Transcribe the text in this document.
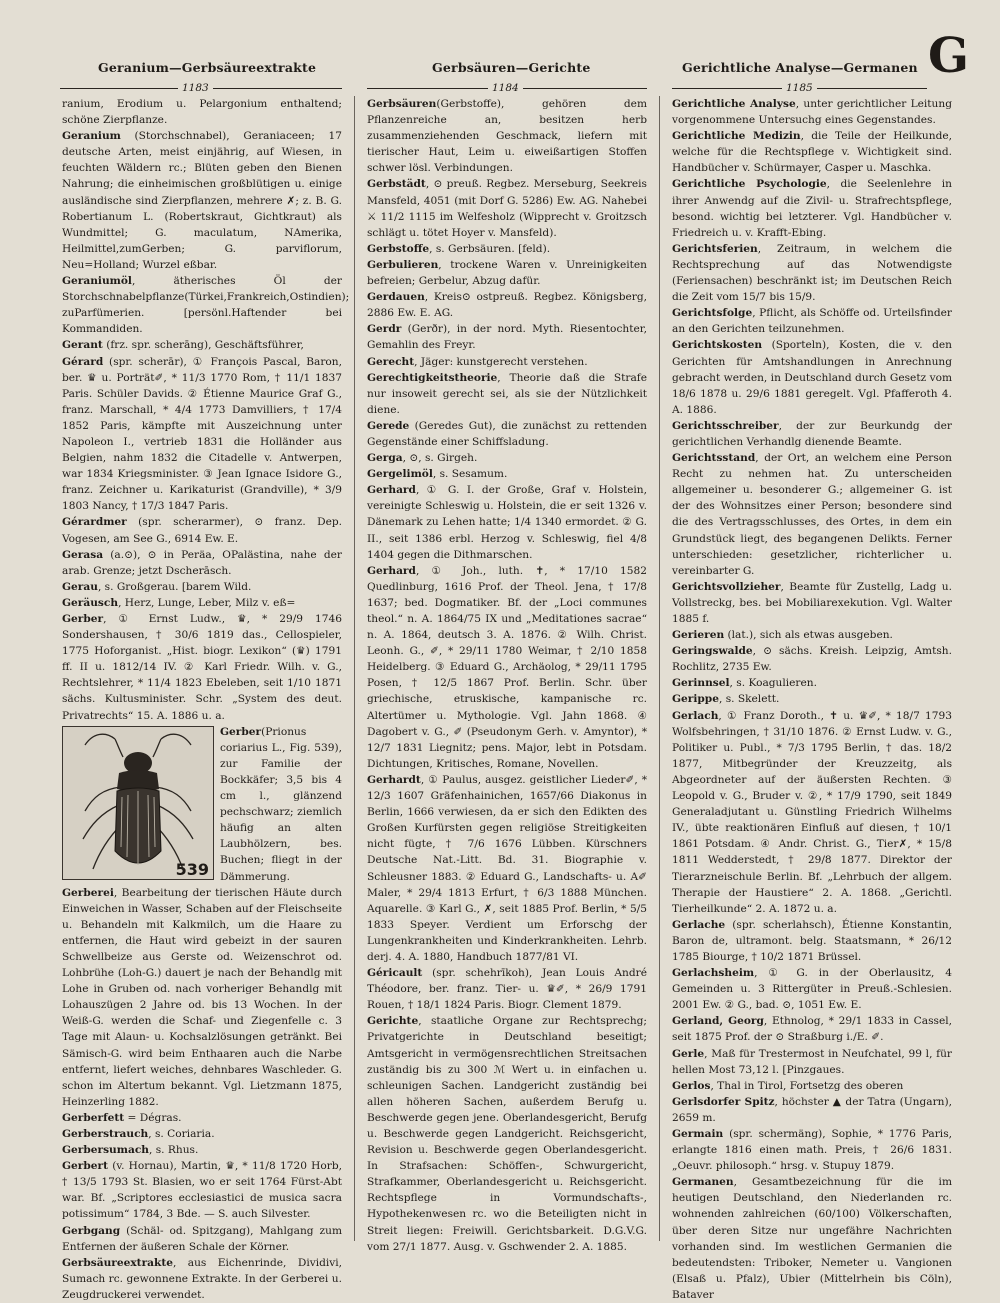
Geranium—Gerbsäureextrakte	Gerbsäuren—Gerichte	Gerichtliche Analyse—Germanen G
1183	1184	1185

ranium, Erodium u. Pelargonium enthaltend; schöne Zierpflanze.

Geranium (Storchschnabel), Geraniaceen; 17 deutsche Arten, meist einjährig, auf Wiesen, in feuchten Wäldern rc.; Blüten geben den Bienen Nahrung; die einheimischen großblütigen u. einige ausländische sind Zierpflanzen, mehrere ✗; z. B. G. Robertianum L. (Robertskraut, Gichtkraut) als Wundmittel; G. maculatum, NAmerika, Heilmittel,zumGerben; G. parviflorum, Neu=Holland; Wurzel eßbar.

Geraniumöl, ätherisches Öl der Storchschnabelpflanze(Türkei,Frankreich,Ostindien); zuParfümerien. [persönl.Haftender bei Kommandiden.

Gerant (frz. spr. scherāng), Geschäftsführer,

Gérard (spr. scherār), ① François Pascal, Baron, ber. ♛ u. Porträt✐, * 11/3 1770 Rom, † 11/1 1837 Paris. Schüler Davids. ② Étienne Maurice Graf G., franz. Marschall, * 4/4 1773 Damvilliers, † 17/4 1852 Paris, kämpfte mit Auszeichnung unter Napoleon I., vertrieb 1831 die Holländer aus Belgien, nahm 1832 die Citadelle v. Antwerpen, war 1834 Kriegsminister. ③ Jean Ignace Isidore G., franz. Zeichner u. Karikaturist (Grandville), * 3/9 1803 Nancy, † 17/3 1847 Paris.

Gérardmer (spr. scherarmer), ⊙ franz. Dep. Vogesen, am See G., 6914 Ew. E.

Gerasa (a.⊙), ⊙ in Peräa, OPalästina, nahe der arab. Grenze; jetzt Dscherāsch.

Gerau, s. Großgerau. [barem Wild.

Geräusch, Herz, Lunge, Leber, Milz v. eß=

Gerber, ① Ernst Ludw., ♛, * 29/9 1746 Sondershausen, † 30/6 1819 das., Cellospieler, 1775 Hoforganist. „Hist. biogr. Lexikon“ (♛) 1791 ff. II u. 1812/14 IV. ② Karl Friedr. Wilh. v. G., Rechtslehrer, * 11/4 1823 Ebeleben, seit 1/10 1871 sächs. Kultusminister. Schr. „System des deut. Privatrechts“ 15. A. 1886 u. a.

539
Gerber(Prionus coriarius L., Fig. 539), zur Familie der Bockkäfer; 3,5 bis 4 cm l., glänzend pechschwarz; ziemlich häufig an alten Laubhölzern, bes. Buchen; fliegt in der Dämmerung.

Gerberei, Bearbeitung der tierischen Häute durch Einweichen in Wasser, Schaben auf der Fleischseite u. Behandeln mit Kalkmilch, um die Haare zu entfernen, die Haut wird gebeizt in der sauren Schwellbeize aus Gerste od. Weizenschrot od. Lohbrühe (Loh-G.) dauert je nach der Behandlg mit Lohe in Gruben od. nach vorheriger Behandlg mit Lohauszügen 2 Jahre od. bis 13 Wochen. In der Weiß-G. werden die Schaf- und Ziegenfelle c. 3 Tage mit Alaun- u. Kochsalzlösungen getränkt. Bei Sämisch-G. wird beim Enthaaren auch die Narbe entfernt, liefert weiches, dehnbares Waschleder. G. schon im Altertum bekannt. Vgl. Lietzmann 1875, Heinzerling 1882.

Gerberfett = Dégras.

Gerberstrauch, s. Coriaria.

Gerbersumach, s. Rhus.

Gerbert (v. Hornau), Martin, ♛, * 11/8 1720 Horb, † 13/5 1793 St. Blasien, wo er seit 1764 Fürst-Abt war. Bf. „Scriptores ecclesiastici de musica sacra potissimum“ 1784, 3 Bde. — S. auch Silvester.

Gerbgang (Schäl- od. Spitzgang), Mahlgang zum Entfernen der äußeren Schale der Körner.

Gerbsäureextrakte, aus Eichenrinde, Dividivi, Sumach rc. gewonnene Extrakte. In der Gerberei u. Zeugdruckerei verwendet.

Gerbsäuren(Gerbstoffe), gehören dem Pflanzenreiche an, besitzen herb zusammenziehenden Geschmack, liefern mit tierischer Haut, Leim u. eiweißartigen Stoffen schwer lösl. Verbindungen.

Gerbstädt, ⊙ preuß. Regbez. Merseburg, Seekreis Mansfeld, 4051 (mit Dorf G. 5286) Ew. AG. Nahebei ⚔ 11/2 1115 im Welfesholz (Wipprecht v. Groitzsch schlägt u. tötet Hoyer v. Mansfeld).

Gerbstoffe, s. Gerbsäuren. [feld).

Gerbulieren, trockene Waren v. Unreinigkeiten befreien; Gerbelur, Abzug dafür.

Gerdauen, Kreis⊙ ostpreuß. Regbez. Königsberg, 2886 Ew. E. AG.

Gerdr (Gerðr), in der nord. Myth. Riesentochter, Gemahlin des Freyr.

Gerecht, Jäger: kunstgerecht verstehen.

Gerechtigkeitstheorie, Theorie daß die Strafe nur insoweit gerecht sei, als sie der Nützlichkeit diene.

Gerede (Geredes Gut), die zunächst zu rettenden Gegenstände einer Schiffsladung.

Gerga, ⊙, s. Girgeh.

Gergelimöl, s. Sesamum.

Gerhard, ① G. I. der Große, Graf v. Holstein, vereinigte Schleswig u. Holstein, die er seit 1326 v. Dänemark zu Lehen hatte; 1/4 1340 ermordet. ② G. II., seit 1386 erbl. Herzog v. Schleswig, fiel 4/8 1404 gegen die Dithmarschen.

Gerhard, ① Joh., luth. ✝, * 17/10 1582 Quedlinburg, 1616 Prof. der Theol. Jena, † 17/8 1637; bed. Dogmatiker. Bf. der „Loci communes theol.“ n. A. 1864/75 IX und „Meditationes sacrae“ n. A. 1864, deutsch 3. A. 1876. ② Wilh. Christ. Leonh. G., ✐, * 29/11 1780 Weimar, † 2/10 1858 Heidelberg. ③ Eduard G., Archäolog, * 29/11 1795 Posen, † 12/5 1867 Prof. Berlin. Schr. über griechische, etruskische, kampanische rc. Altertümer u. Mythologie. Vgl. Jahn 1868. ④ Dagobert v. G., ✐ (Pseudonym Gerh. v. Amyntor), * 12/7 1831 Liegnitz; pens. Major, lebt in Potsdam. Dichtungen, Kritisches, Romane, Novellen.

Gerhardt, ① Paulus, ausgez. geistlicher Lieder✐, * 12/3 1607 Gräfenhainichen, 1657/66 Diakonus in Berlin, 1666 verwiesen, da er sich den Edikten des Großen Kurfürsten gegen religiöse Streitigkeiten nicht fügte, † 7/6 1676 Lübben. Kürschners Deutsche Nat.-Litt. Bd. 31. Biographie v. Schleusner 1883. ② Eduard G., Landschafts- u. A✐ Maler, * 29/4 1813 Erfurt, † 6/3 1888 München. Aquarelle. ③ Karl G., ✗, seit 1885 Prof. Berlin, * 5/5 1833 Speyer. Verdient um Erforschg der Lungenkrankheiten und Kinderkrankheiten. Lehrb. derj. 4. A. 1880, Handbuch 1877/81 VI.

Géricault (spr. schehrīkoh), Jean Louis André Théodore, ber. franz. Tier- u. ♛✐, * 26/9 1791 Rouen, † 18/1 1824 Paris. Biogr. Clement 1879.

Gerichte, staatliche Organe zur Rechtsprechg; Privatgerichte in Deutschland beseitigt; Amtsgericht in vermögensrechtlichen Streitsachen zuständig bis zu 300 ℳ Wert u. in einfachen u. schleunigen Sachen. Landgericht zuständig bei allen höheren Sachen, außerdem Berufg u. Beschwerde gegen jene. Oberlandesgericht, Berufg u. Beschwerde gegen Landgericht. Reichsgericht, Revision u. Beschwerde gegen Oberlandesgericht. In Strafsachen: Schöffen-, Schwurgericht, Strafkammer, Oberlandesgericht u. Reichsgericht. Rechtspflege in Vormundschafts-, Hypothekenwesen rc. wo die Beteiligten nicht in Streit liegen: Freiwill. Gerichtsbarkeit. D.G.V.G. vom 27/1 1877. Ausg. v. Gschwender 2. A. 1885.

Gerichtliche Analyse, unter gerichtlicher Leitung vorgenommene Untersuchg eines Gegenstandes.

Gerichtliche Medizin, die Teile der Heilkunde, welche für die Rechtspflege v. Wichtigkeit sind. Handbücher v. Schürmayer, Casper u. Maschka.

Gerichtliche Psychologie, die Seelenlehre in ihrer Anwendg auf die Zivil- u. Strafrechtspflege, besond. wichtig bei letzterer. Vgl. Handbücher v. Friedreich u. v. Krafft-Ebing.

Gerichtsferien, Zeitraum, in welchem die Rechtsprechung auf das Notwendigste (Feriensachen) beschränkt ist; im Deutschen Reich die Zeit vom 15/7 bis 15/9.

Gerichtsfolge, Pflicht, als Schöffe od. Urteilsfinder an den Gerichten teilzunehmen.

Gerichtskosten (Sporteln), Kosten, die v. den Gerichten für Amtshandlungen in Anrechnung gebracht werden, in Deutschland durch Gesetz vom 18/6 1878 u. 29/6 1881 geregelt. Vgl. Pfafferoth 4. A. 1886.

Gerichtsschreiber, der zur Beurkundg der gerichtlichen Verhandlg dienende Beamte.

Gerichtsstand, der Ort, an welchem eine Person Recht zu nehmen hat. Zu unterscheiden allgemeiner u. besonderer G.; allgemeiner G. ist der des Wohnsitzes einer Person; besondere sind die des Vertragsschlusses, des Ortes, in dem ein Grundstück liegt, des begangenen Delikts. Ferner unterschieden: gesetzlicher, richterlicher u. vereinbarter G.

Gerichtsvollzieher, Beamte für Zustellg, Ladg u. Vollstreckg, bes. bei Mobiliarexekution. Vgl. Walter 1885 f.

Gerieren (lat.), sich als etwas ausgeben.

Geringswalde, ⊙ sächs. Kreish. Leipzig, Amtsh. Rochlitz, 2735 Ew.

Gerinnsel, s. Koagulieren.

Gerippe, s. Skelett.

Gerlach, ① Franz Doroth., ✝ u. ♛✐, * 18/7 1793 Wolfsbehringen, † 31/10 1876. ② Ernst Ludw. v. G., Politiker u. Publ., * 7/3 1795 Berlin, † das. 18/2 1877, Mitbegründer der Kreuzzeitg, als Abgeordneter auf der äußersten Rechten. ③ Leopold v. G., Bruder v. ②, * 17/9 1790, seit 1849 Generaladjutant u. Günstling Friedrich Wilhelms IV., übte reaktionären Einfluß auf diesen, † 10/1 1861 Potsdam. ④ Andr. Christ. G., Tier✗, * 15/8 1811 Wedderstedt, † 29/8 1877. Direktor der Tierarzneischule Berlin. Bf. „Lehrbuch der allgem. Therapie der Haustiere“ 2. A. 1868. „Gerichtl. Tierheilkunde“ 2. A. 1872 u. a.

Gerlache (spr. scherlahsch), Étienne Konstantin, Baron de, ultramont. belg. Staatsmann, * 26/12 1785 Biourge, † 10/2 1871 Brüssel.

Gerlachsheim, ① G. in der Oberlausitz, 4 Gemeinden u. 3 Rittergüter in Preuß.-Schlesien. 2001 Ew. ② G., bad. ⊙, 1051 Ew. E.

Gerland, Georg, Ethnolog, * 29/1 1833 in Cassel, seit 1875 Prof. der ⊙ Straßburg i./E. ✐.

Gerle, Maß für Trestermost in Neufchatel, 99 l, für hellen Most 73,12 l. [Pinzgaues.

Gerlos, Thal in Tirol, Fortsetzg des oberen

Gerlsdorfer Spitz, höchster ▲ der Tatra (Ungarn), 2659 m.

Germain (spr. schermäng), Sophie, * 1776 Paris, erlangte 1816 einen math. Preis, † 26/6 1831. „Oeuvr. philosoph.“ hrsg. v. Stupuy 1879.

Germanen, Gesamtbezeichnung für die im heutigen Deutschland, den Niederlanden rc. wohnenden zahlreichen (60/100) Völkerschaften, über deren Sitze nur ungefähre Nachrichten vorhanden sind. Im westlichen Germanien die bedeutendsten: Triboker, Nemeter u. Vangionen (Elsaß u. Pfalz), Ubier (Mittelrhein bis Cöln), Bataver
